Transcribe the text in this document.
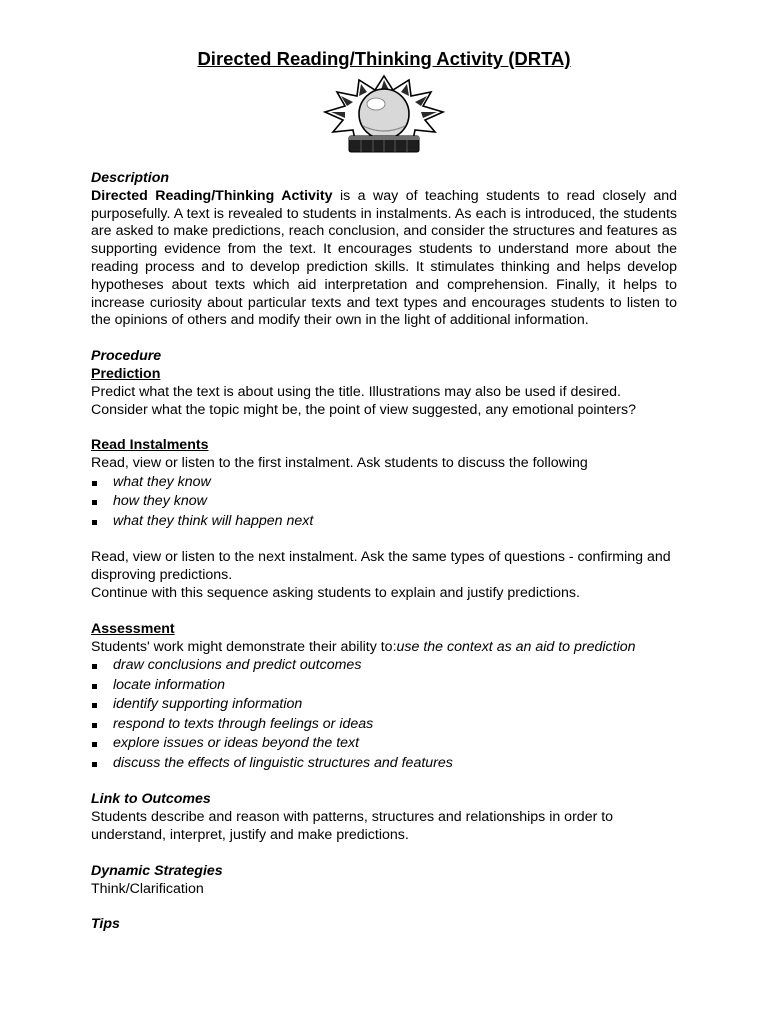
Directed Reading/Thinking Activity (DRTA)
Description

Directed Reading/Thinking Activity is a way of teaching students to read closely and purposefully. A text is revealed to students in instalments. As each is introduced, the students are asked to make predictions, reach conclusion, and consider the structures and features as supporting evidence from the text. It encourages students to understand more about the reading process and to develop prediction skills. It stimulates thinking and helps develop hypotheses about texts which aid interpretation and comprehension. Finally, it helps to increase curiosity about particular texts and text types and encourages students to listen to the opinions of others and modify their own in the light of additional information.

Procedure
Prediction

Predict what the text is about using the title. Illustrations may also be used if desired. Consider what the topic might be, the point of view suggested, any emotional pointers?

Read Instalments

Read, view or listen to the first instalment. Ask students to discuss the following

what they know
how they know
what they think will happen next

Read, view or listen to the next instalment. Ask the same types of questions - confirming and disproving predictions.

Continue with this sequence asking students to explain and justify predictions.

Assessment

Students' work might demonstrate their ability to:use the context as an aid to prediction

draw conclusions and predict outcomes
locate information
identify supporting information
respond to texts through feelings or ideas
explore issues or ideas beyond the text
discuss the effects of linguistic structures and features
Link to Outcomes

Students describe and reason with patterns, structures and relationships in order to understand, interpret, justify and make predictions.

Dynamic Strategies

Think/Clarification

Tips
